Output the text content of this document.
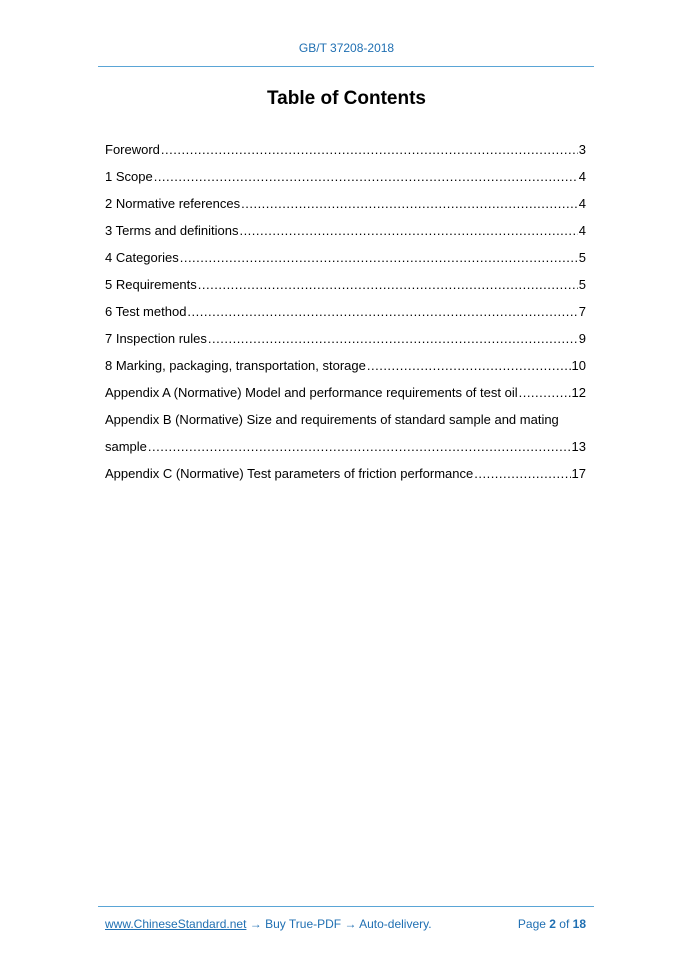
GB/T 37208-2018
Table of Contents
Foreword .....	3
1 Scope .....	4
2 Normative references .....	4
3 Terms and definitions .....	4
4 Categories .....	5
5 Requirements .....	5
6 Test method .....	7
7 Inspection rules .....	9
8 Marking, packaging, transportation, storage .....	10
Appendix A (Normative) Model and performance requirements of test oil .....	12
Appendix B (Normative) Size and requirements of standard sample and mating
sample .....	13
Appendix C (Normative) Test parameters of friction performance .....	17
www.ChineseStandard.net → Buy True-PDF → Auto-delivery.	Page 2 of 18
